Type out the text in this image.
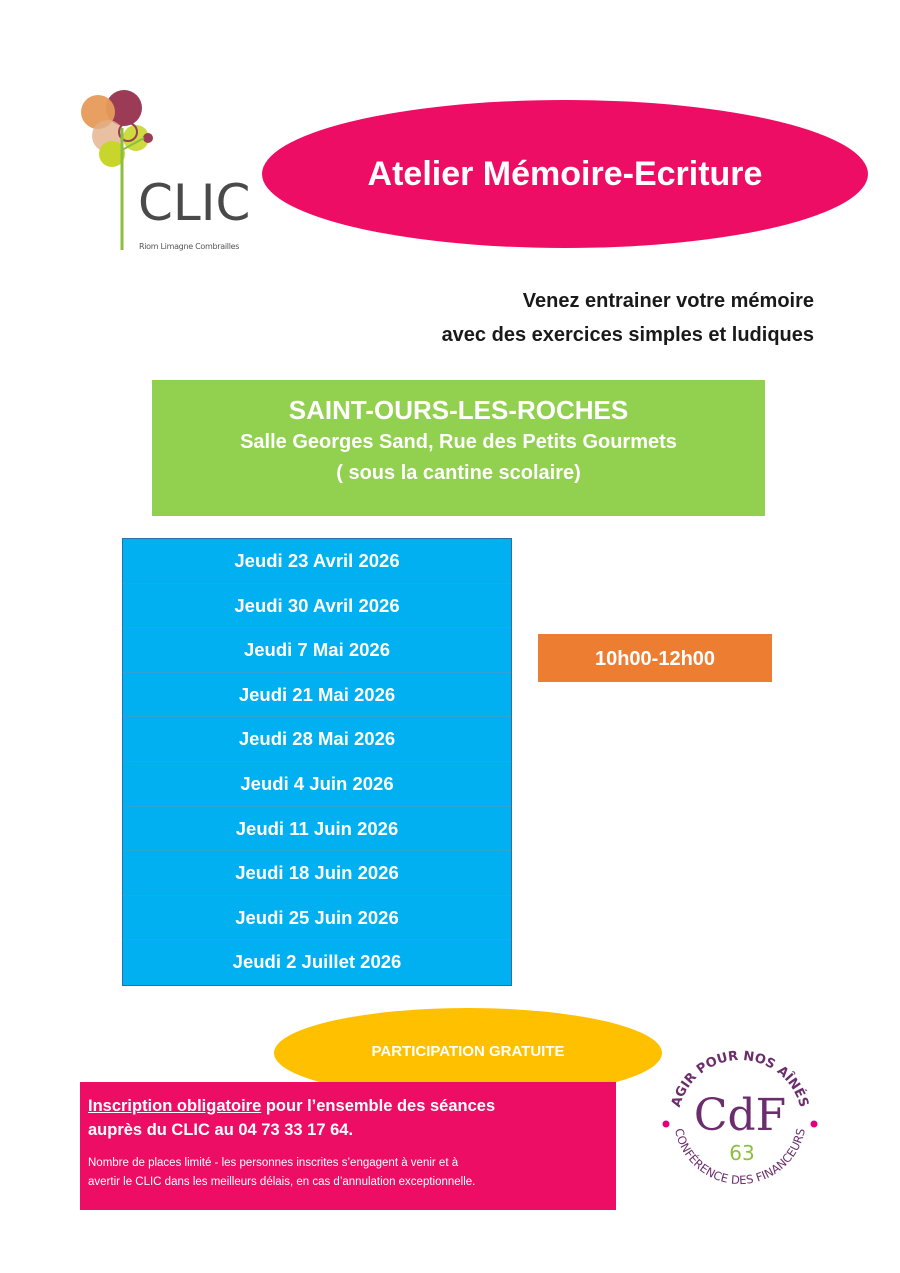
CLIC
Riom Limagne Combrailles
Atelier Mémoire-Ecriture
Venez entrainer votre mémoire
avec des exercices simples et ludiques
SAINT-OURS-LES-ROCHES
Salle Georges Sand, Rue des Petits Gourmets
( sous la cantine scolaire)
Jeudi 23 Avril 2026
Jeudi 30 Avril 2026
Jeudi 7 Mai 2026
Jeudi 21 Mai 2026
Jeudi 28 Mai 2026
Jeudi 4 Juin 2026
Jeudi 11 Juin 2026
Jeudi 18 Juin 2026
Jeudi 25 Juin 2026
Jeudi 2 Juillet 2026
10h00-12h00
PARTICIPATION GRATUITE
Inscription obligatoire pour l’ensemble des séances
auprès du CLIC au 04 73 33 17 64.
Nombre de places limité - les personnes inscrites s’engagent à venir et à
avertir le CLIC dans les meilleurs délais, en cas d’annulation exceptionnelle.
AGIR POUR NOS AÎNÉS
CONFÉRENCE DES FINANCEURS
CdF
63
